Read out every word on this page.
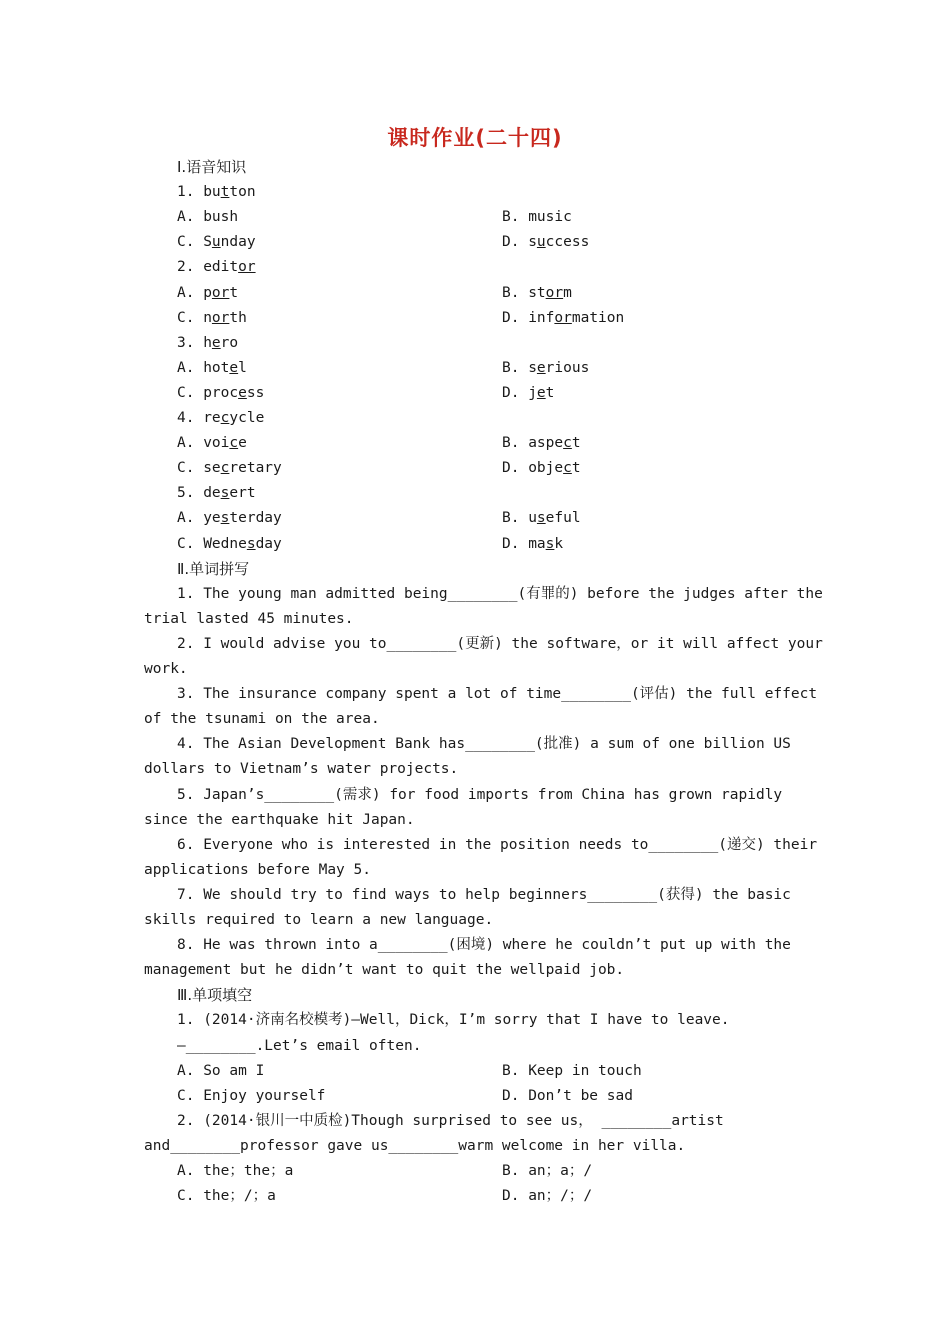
课时作业(二十四)
Ⅰ.语音知识
1. button
A. bush	B. music
C. Sunday	D. success
2. editor
A. port	B. storm
C. north	D. information
3. hero
A. hotel	B. serious
C. process	D. jet
4. recycle
A. voice	B. aspect
C. secretary	D. object
5. desert
A. yesterday	B. useful
C. Wednesday	D. mask
Ⅱ.单词拼写
1. The young man admitted being________(有罪的) before the judges after the
trial lasted 45 minutes.
2. I would advise you to________(更新) the software，or it will affect your
work.
3. The insurance company spent a lot of time________(评估) the full effect
of the tsunami on the area.
4. The Asian Development Bank has________(批准) a sum of one billion US
dollars to Vietnam’s water projects.
5. Japan’s________(需求) for food imports from China has grown rapidly
since the earthquake hit Japan.
6. Everyone who is interested in the position needs to________(递交) their
applications before May 5.
7. We should try to find ways to help beginners________(获得) the basic
skills required to learn a new language.
8. He was thrown into a________(困境) where he couldn’t put up with the
management but he didn’t want to quit the wellpaid job.
Ⅲ.单项填空
1. (2014·济南名校模考)—Well，Dick，I’m sorry that I have to leave.
—________.Let’s email often.
A. So am I	B. Keep in touch
C. Enjoy yourself	D. Don’t be sad
2. (2014·银川一中质检)Though surprised to see us， ________artist
and________professor gave us________warm welcome in her villa.
A. the；the；a	B. an；a；/
C. the；/；a	D. an；/；/
